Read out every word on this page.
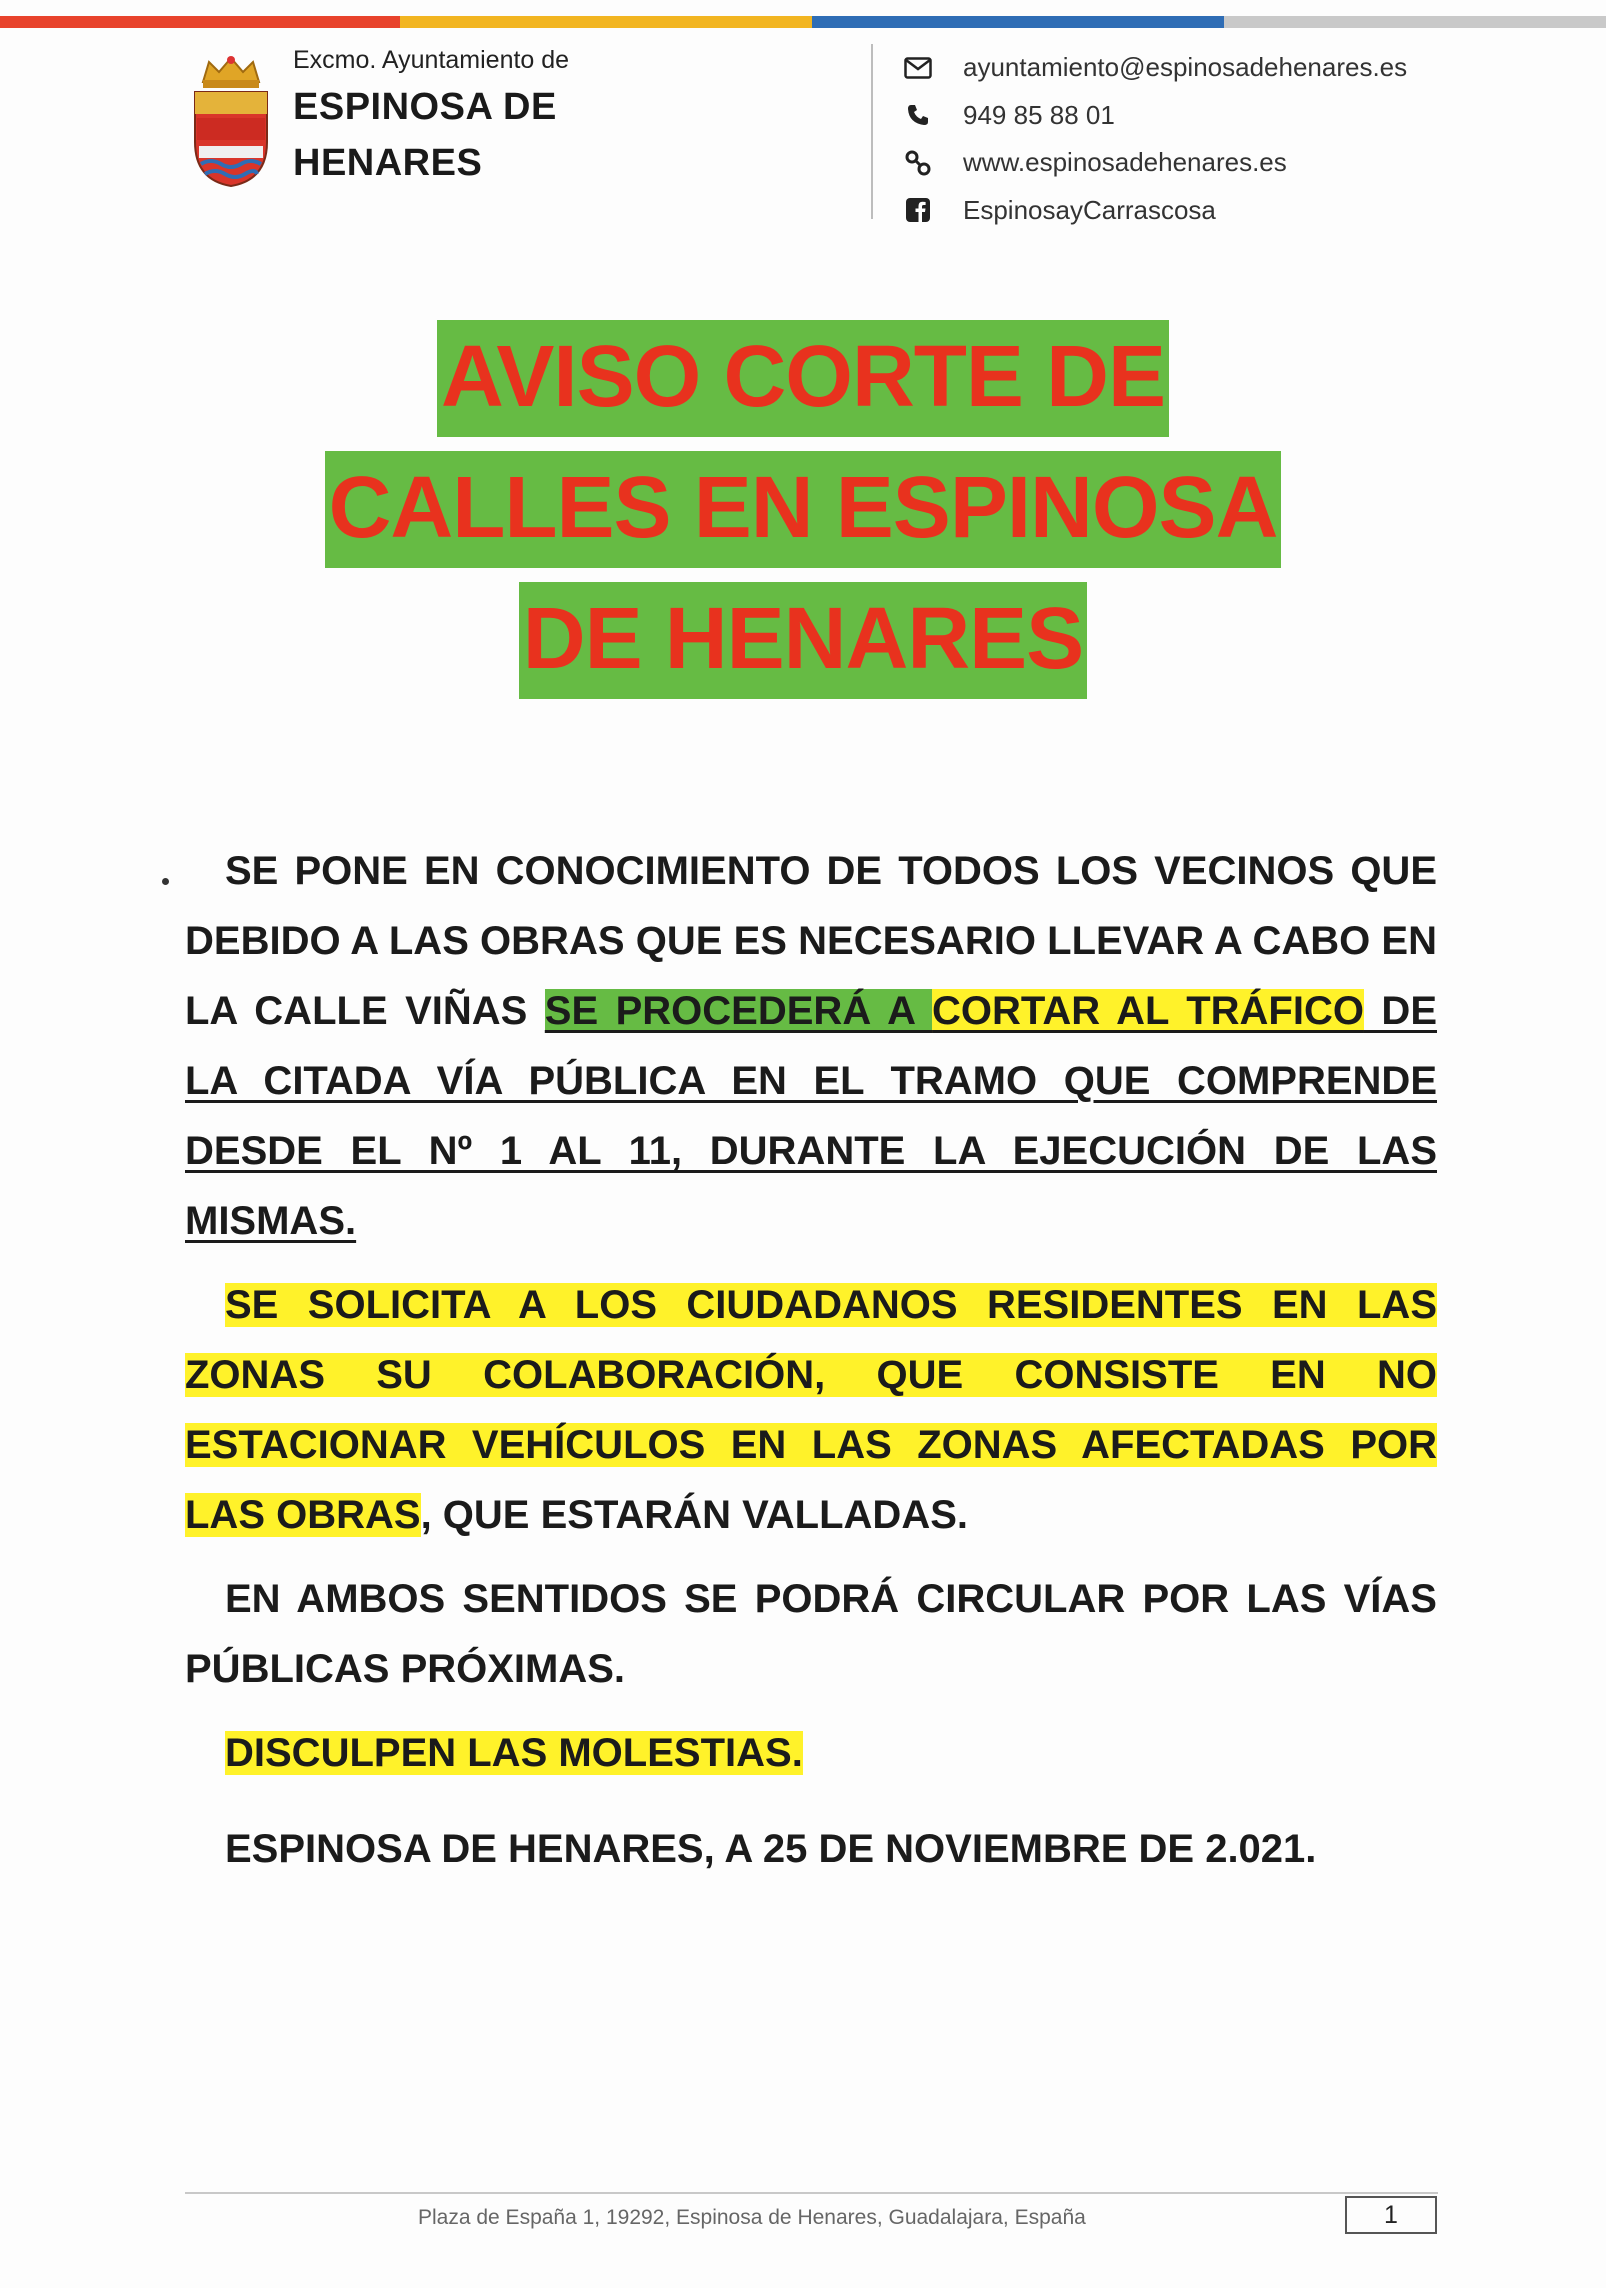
Excmo. Ayuntamiento de
ESPINOSA DE
HENARES
ayuntamiento@espinosadehenares.es
949 85 88 01
www.espinosadehenares.es
EspinosayCarrascosa
AVISO CORTE DE
CALLES EN ESPINOSA
DE HENARES

SE PONE EN CONOCIMIENTO DE TODOS LOS VECINOS QUE DEBIDO A LAS OBRAS QUE ES NECESARIO LLEVAR A CABO EN LA CALLE VIÑAS SE PROCEDERÁ A CORTAR AL TRÁFICO DE LA CITADA VÍA PÚBLICA EN EL TRAMO QUE COMPRENDE DESDE EL Nº 1 AL 11, DURANTE LA EJECUCIÓN DE LAS MISMAS.

SE SOLICITA A LOS CIUDADANOS RESIDENTES EN LAS ZONAS SU COLABORACIÓN, QUE CONSISTE EN NO ESTACIONAR VEHÍCULOS EN LAS ZONAS AFECTADAS POR LAS OBRAS, QUE ESTARÁN VALLADAS.

EN AMBOS SENTIDOS SE PODRÁ CIRCULAR POR LAS VÍAS PÚBLICAS PRÓXIMAS.

DISCULPEN LAS MOLESTIAS.

ESPINOSA DE HENARES, A 25 DE NOVIEMBRE DE 2.021.

Plaza de España 1, 19292, Espinosa de Henares, Guadalajara, España	1
